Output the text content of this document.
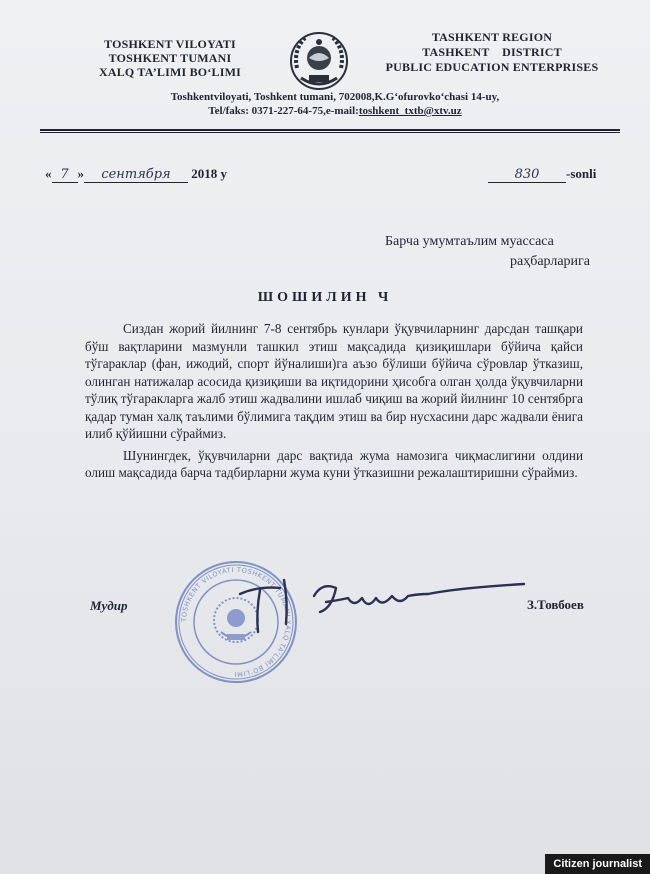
TOSHKENT VILOYATI
TOSHKENT TUMANI
XALQ TA’LIMI BO‘LIMI
TASHKENT REGION
TASHKENT    DISTRICT
PUBLIC EDUCATION ENTERPRISES
Toshkentviloyati, Toshkent tumani, 702008,K.G‘ofurovko‘chasi 14-uy,
Tel/faks: 0371-227-64-75,e-mail:toshkent_txtb@xtv.uz
« 7 » сентября 2018 y	830 -sonli
Барча умумтаълим муассаса
раҳбарларига
ШОШИЛИН Ч

Сиздан жорий йилнинг 7-8 сентябрь кунлари ўқувчиларнинг дарсдан ташқари бўш вақтларини мазмунли ташкил этиш мақсадида қизиқишлари бўйича қайси тўгараклар (фан, ижодий, спорт йўналиши)га аъзо бўлиши бўйича сўровлар ўтказиш, олинган натижалар асосида қизиқиши ва иқтидорини ҳисобга олган ҳолда ўқувчиларни тўлиқ тўгаракларга жалб этиш жадвалини ишлаб чиқиш ва жорий йилнинг 10 сентябрга қадар туман халқ таълими бўлимига тақдим этиш ва бир нусхасини дарс жадвали ёнига илиб қўйишни сўраймиз.

Шунингдек, ўқувчиларни дарс вақтида жума намозига чиқмаслигини олдини олиш мақсадида барча тадбирларни жума куни ўтказишни режалаштиришни сўраймиз.

TOSHKENT VILOYATI TOSHKENT TUMANI XALQ TA’LIMI BO‘LIMI
Мудир	З.Товбоев
Citizen journalist
